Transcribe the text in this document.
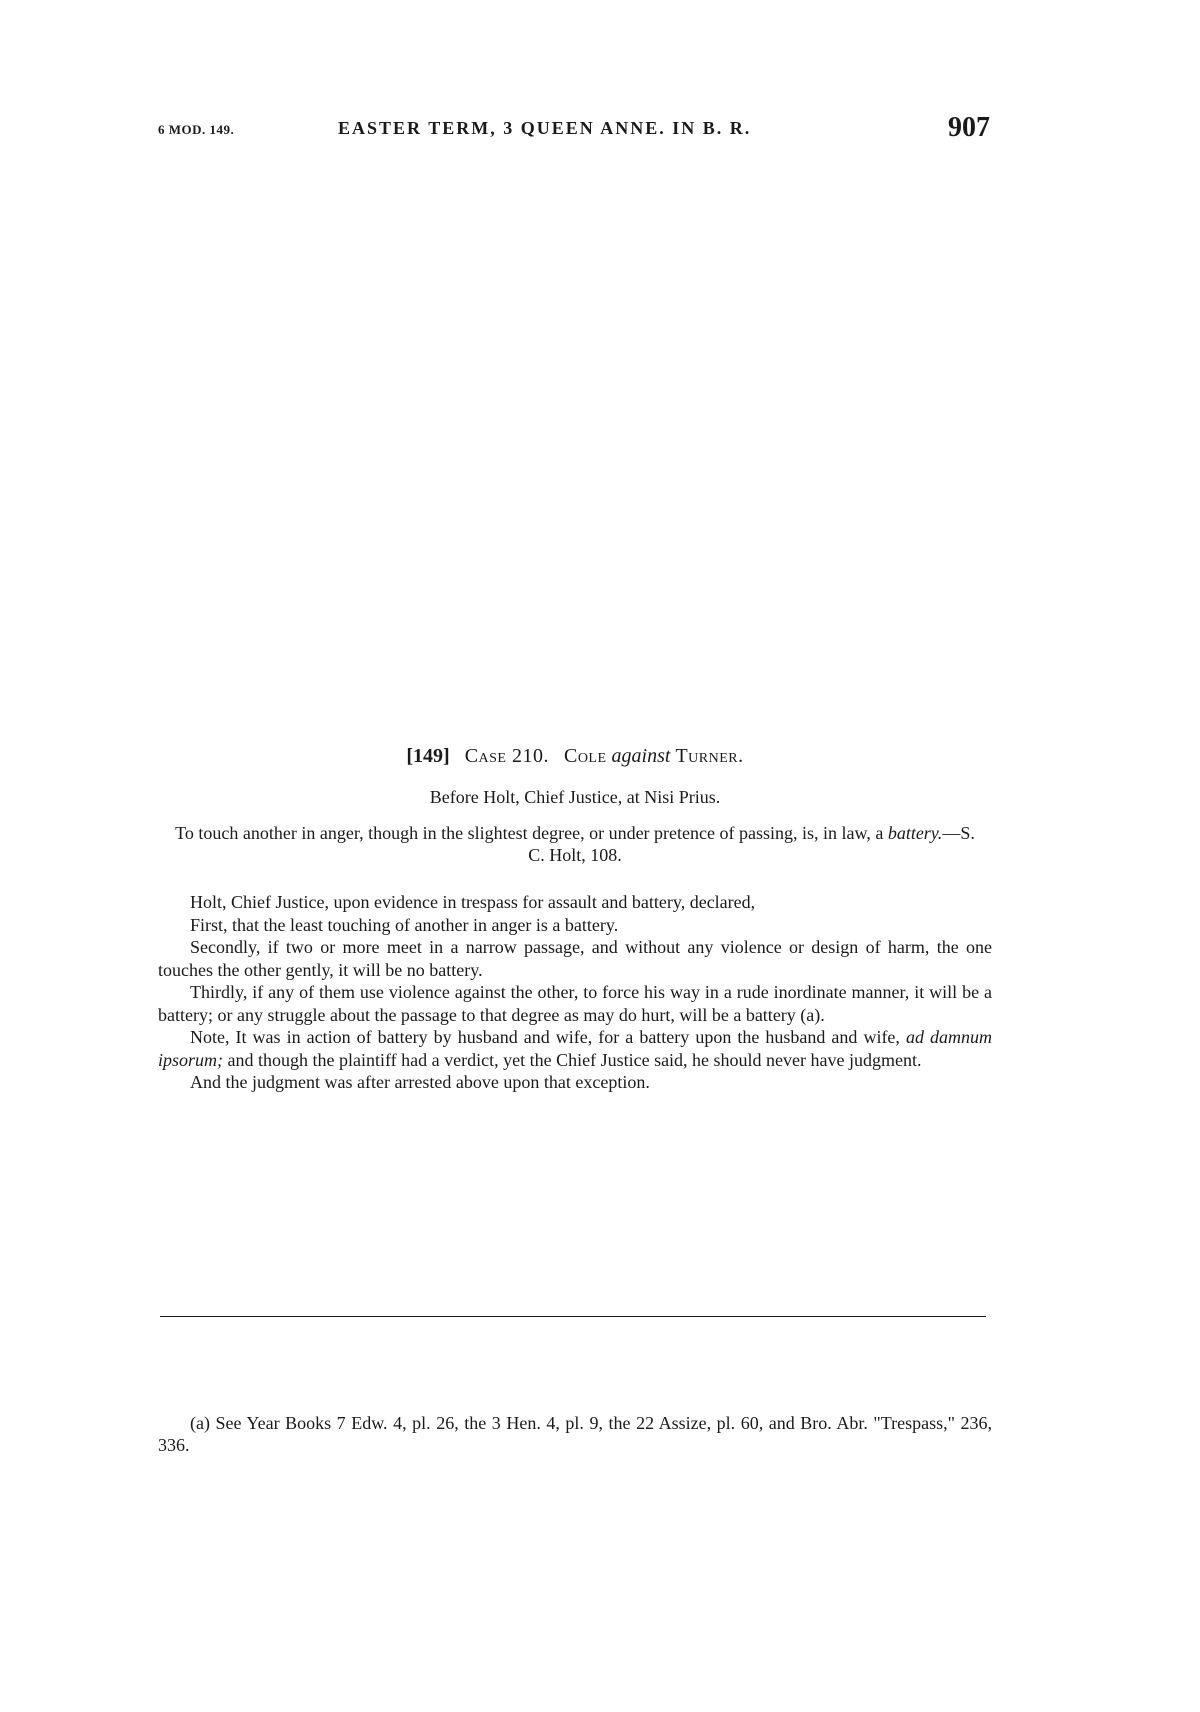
6 MOD. 149.	EASTER TERM, 3 QUEEN ANNE. IN B. R.	907
[149] Case 210. Cole against Turner.
Before Holt, Chief Justice, at Nisi Prius.
To touch another in anger, though in the slightest degree, or under pretence of passing, is, in law, a battery.—S. C. Holt, 108.

Holt, Chief Justice, upon evidence in trespass for assault and battery, declared,

First, that the least touching of another in anger is a battery.

Secondly, if two or more meet in a narrow passage, and without any violence or design of harm, the one touches the other gently, it will be no battery.

Thirdly, if any of them use violence against the other, to force his way in a rude inordinate manner, it will be a battery; or any struggle about the passage to that degree as may do hurt, will be a battery (a).

Note, It was in action of battery by husband and wife, for a battery upon the husband and wife, ad damnum ipsorum; and though the plaintiff had a verdict, yet the Chief Justice said, he should never have judgment.

And the judgment was after arrested above upon that exception.

(a) See Year Books 7 Edw. 4, pl. 26, the 3 Hen. 4, pl. 9, the 22 Assize, pl. 60, and Bro. Abr. "Trespass," 236, 336.
